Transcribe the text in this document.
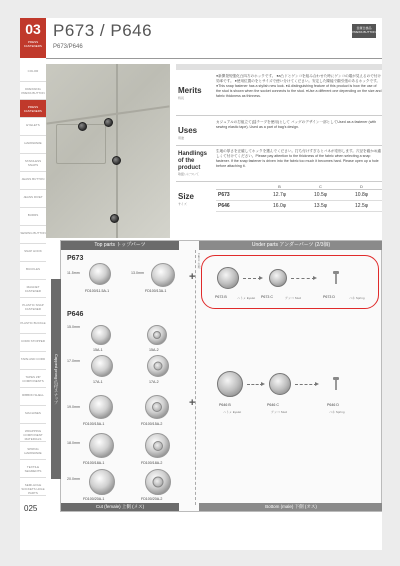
03
PRESS FASTENERS
P673 / P646
P673/P646
金属仕様品 PRESS BUTTON
COLOR
DRESSING PRESS BUTTON
PRESS FASTENERS
EYELETS
HARDWARE
STAINLESS SNAPS
JEANS BUTTON
JEANS RIVET
BURRS
SEWING BUTTON
SNAP HOOK
BUCKLES
MAGNET FASTENER
PLASTIC SNAP FASTENER
PLASTIC BUCKLE
CORD STOPPER
TAPE AND CORD
TAPES ZIP COMPONENTS
RIBBON SHELL
MACHINES
WRAPPING COMPONENT MATERIALS
SPRING HARDWARE
TEXTILE SEGMENTS
SEMI-HOLE SOCKETS HOLE PARTS
025
Merits
特長
●新開発短強化凸四方のホックです。 ●a凸ドとゲンコを組み合わせた時にゲンコの端が見えるので付け効率です。 ●使用位置のをとサイズで使い分けてください。安定した陳能で顧引張のあるホックです。 ●This snap fastener has a stylish new look. ●A distinguishing feature of this product is how the use of the stud is shown when the socket connects to the stud. ●Use a different one depending on the size and fabric thickness as thinness.
Uses
用途
カジュアルの打組立て(揺テープを使用)として バッグのデザイン一部としてUsed as a fastener (with sewing elastic tape). Used as a part of bag's design.
Handlings of the product
取扱いについて
生地の厚さを正確してホックを選んでください。打ち付けすぎるとバネが変形します。穴径を確かめ適しくて付けてください。Please pay attention to the thickness of the fabric when selecting a snap fastener. If the snap fastener is driven into the fabric too much it becomes hard. Please open up a hole before attaching it.
Size
サイズ
B	C	D
P673	12.7φ	10.5φ	10.8φ
P646	16.0φ	13.5φ	12.5φ
Top parts トップパーツ	Under parts アンダーパーツ (2/3個)
Capped prong 爪付スナップ
Fabric 生地
P673
11.5mm	13.0mm
FD100/11.5A-1	FD100/13A-1
+
P673 B	P673 C	P673 D
ハトメ Eyelet	ゲンコ Stud	バネ Spring
P646
15.0mm
15A-1	15A-2
17.0mm
17A-1	17A-2
19.0mm
FD100/15A-1	FD100/15A-2
18.0mm
FD100/18A-1	FD100/18A-2
20.0mm
FD100/20A-1	FD100/20A-2
+	P646 B	P646 C	P646 D
ハトメ Eyelet	ゲンコ Stud	バネ Spring
Cut (female) 上側 (メス)	Bottom (male) 下側 (オス)
